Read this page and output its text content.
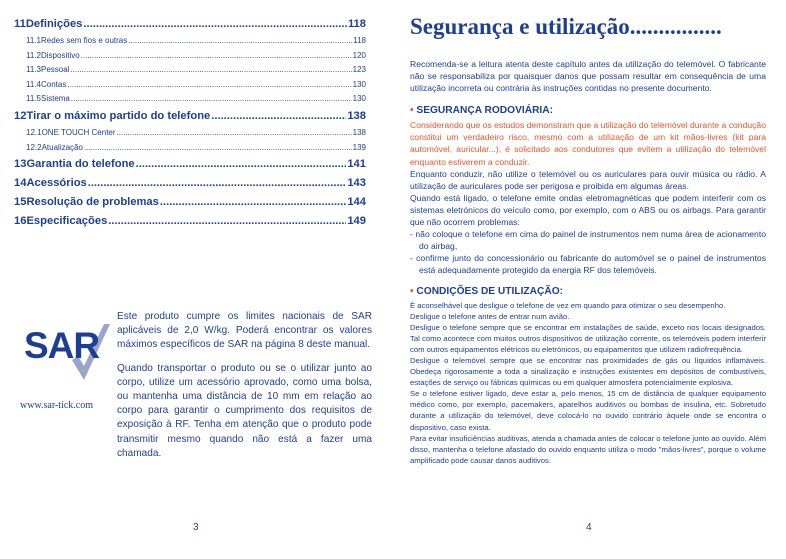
11 Definições .....	118
11.1 Redes sem fios e outras .....	118
11.2 Dispositivo .....	120
11.3 Pessoal .....	123
11.4 Contas .....	130
11.5 Sistema .....	130
12 Tirar o máximo partido do telefone .....	138
12.1 ONE TOUCH Center .....	138
12.2 Atualização .....	139
13 Garantia do telefone .....	141
14 Acessórios .....	143
15 Resolução de problemas .....	144
16 Especificações .....	149
SAR
www.sar-tick.com

Este produto cumpre os limites nacionais de SAR aplicáveis de 2,0 W/kg. Poderá encontrar os valores máximos específicos de SAR na página 8 deste manual.

Quando transportar o produto ou se o utilizar junto ao corpo, utilize um acessório aprovado, como uma bolsa, ou mantenha uma distância de 10 mm em relação ao corpo para garantir o cumprimento dos requisitos de exposição à RF. Tenha em atenção que o produto pode transmitir mesmo quando não está a fazer uma chamada.

3
Segurança e utilização................

Recomenda-se a leitura atenta deste capítulo antes da utilização do telemóvel. O fabricante não se responsabiliza por quaisquer danos que possam resultar em consequência de uma utilização incorreta ou contrária às instruções contidas no presente documento.

• SEGURANÇA RODOVIÁRIA:

Considerando que os estudos demonstram que a utilização do telemóvel durante a condução constitui um verdadeiro risco, mesmo com a utilização de um kit mãos-livres (kit para automóvel, auricular...), é solicitado aos condutores que evitem a utilização do telemóvel enquanto estiverem a conduzir.

Enquanto conduzir, não utilize o telemóvel ou os auriculares para ouvir música ou rádio. A utilização de auriculares pode ser perigosa e proibida em algumas áreas.

Quando está ligado, o telefone emite ondas eletromagnéticas que podem interferir com os sistemas eletrónicos do veículo como, por exemplo, com o ABS ou os airbags. Para garantir que não ocorrem problemas:

- não coloque o telefone em cima do painel de instrumentos nem numa área de acionamento do airbag,

- confirme junto do concessionário ou fabricante do automóvel se o painel de instrumentos está adequadamente protegido da energia RF dos telemóveis.

• CONDIÇÕES DE UTILIZAÇÃO:

É aconselhável que desligue o telefone de vez em quando para otimizar o seu desempenho.

Desligue o telefone antes de entrar num avião.

Desligue o telefone sempre que se encontrar em instalações de saúde, exceto nos locais designados. Tal como acontece com muitos outros dispositivos de utilização corrente, os telemóveis podem interferir com outros equipamentos elétricos ou eletrónicos, ou equipamentos que utilizem radiofrequência.

Desligue o telemóvel sempre que se encontrar nas proximidades de gás ou líquidos inflamáveis. Obedeça rigorosamente a toda a sinalização e instruções existentes em depósitos de combustíveis, estações de serviço ou fábricas químicas ou em qualquer atmosfera potencialmente explosiva.

Se o telefone estiver ligado, deve estar a, pelo menos, 15 cm de distância de qualquer equipamento médico como, por exemplo, pacemakers, aparelhos auditivos ou bombas de insulina, etc. Sobretudo durante a utilização do telemóvel, deve colocá-lo no ouvido contrário àquele onde se encontra o dispositivo, caso exista.

Para evitar insuficiências auditivas, atenda a chamada antes de colocar o telefone junto ao ouvido. Além disso, mantenha o telefone afastado do ouvido enquanto utiliza o modo "mãos-livres", porque o volume amplificado pode causar danos auditivos.

4
